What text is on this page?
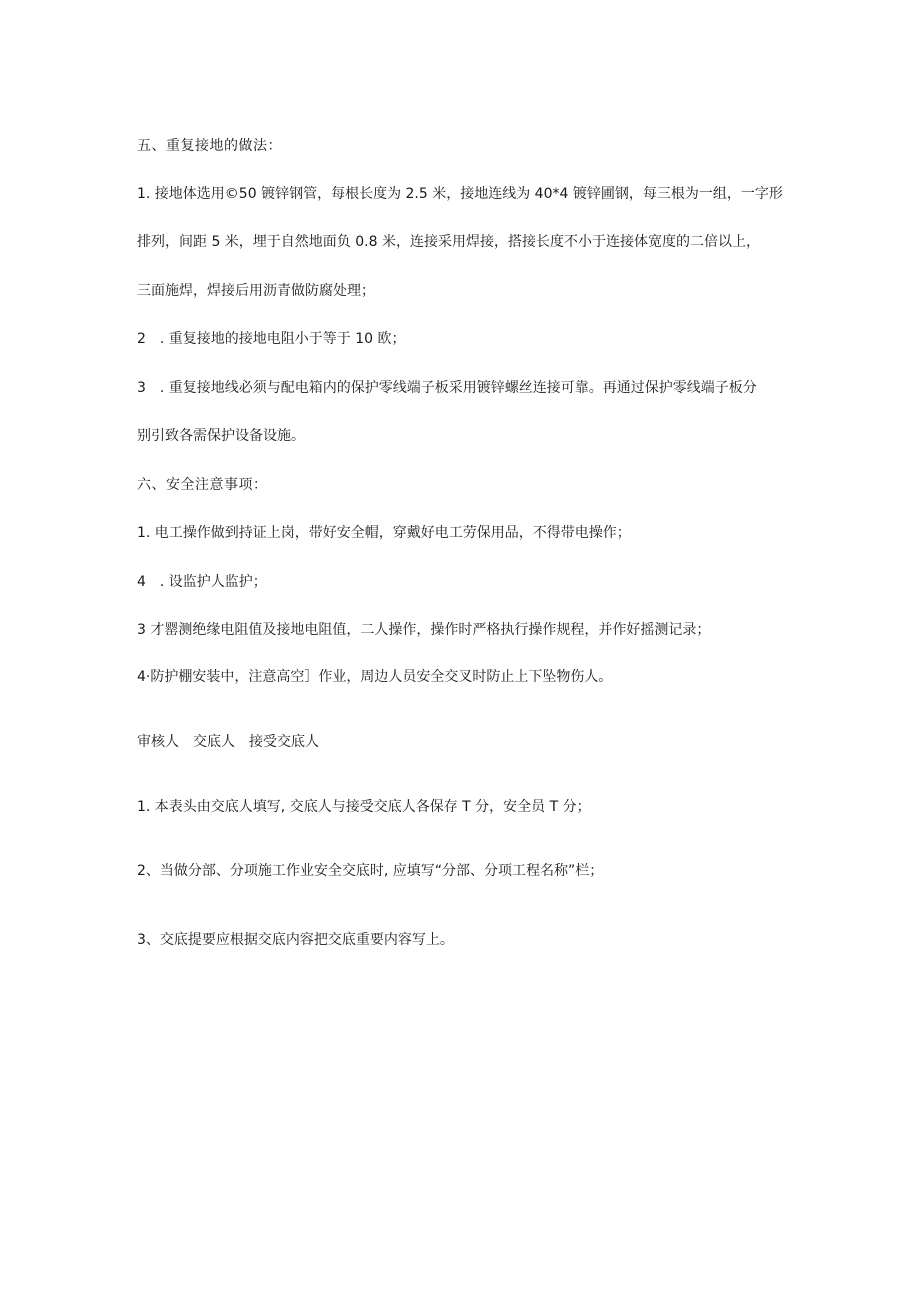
五、重复接地的做法：
1. 接地体选用©50 镀锌钢管，每根长度为 2.5 米，接地连线为 40*4 镀锌圃钢，每三根为一组，一字形
排列，间距 5 米，埋于自然地面负 0.8 米，连接采用焊接，搭接长度不小于连接体宽度的二倍以上，
三面施焊，焊接后用沥青做防腐处理；
2　. 重复接地的接地电阻小于等于 10 欧；
3　. 重复接地线必须与配电箱内的保护零线端子板采用镀锌螺丝连接可靠。再通过保护零线端子板分
别引致各需保护设备设施。
六、安全注意事项：
1. 电工操作做到持证上岗，带好安全帽，穿戴好电工劳保用品，不得带电操作；
4　. 设监护人监护；
3 才罂测绝缘电阻值及接地电阻值，二人操作，操作时严格执行操作规程，并作好摇测记录；
4·防护棚安装中，注意高空］作业，周边人员安全交叉时防止上下坠物伤人。
审核人　交底人　接受交底人
1. 本表头由交底人填写, 交底人与接受交底人各保存 T 分，安全员 T 分；
2、当做分部、分项施工作业安全交底时, 应填写“分部、分项工程名称”栏；
3、交底提要应根据交底内容把交底重要内容写上。
